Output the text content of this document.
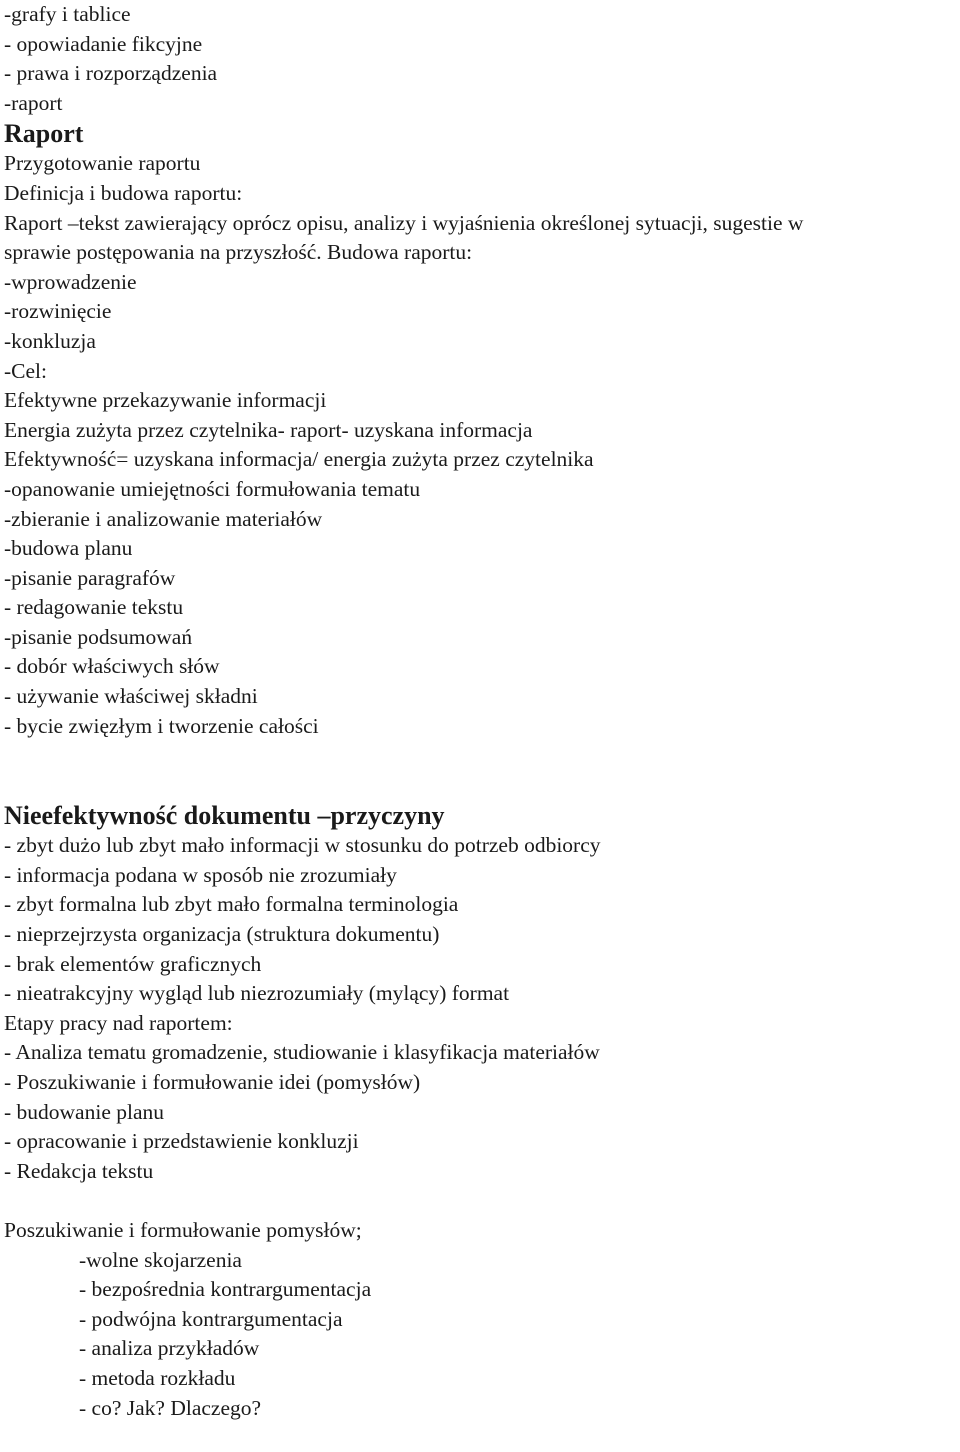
-grafy i tablice
- opowiadanie fikcyjne
- prawa i rozporządzenia
-raport
Raport
Przygotowanie raportu
Definicja i budowa raportu:
Raport –tekst zawierający oprócz opisu, analizy i wyjaśnienia określonej sytuacji, sugestie w
sprawie postępowania na przyszłość. Budowa raportu:
-wprowadzenie
-rozwinięcie
-konkluzja
-Cel:
Efektywne przekazywanie informacji
Energia zużyta przez czytelnika- raport- uzyskana informacja
Efektywność= uzyskana informacja/ energia zużyta przez czytelnika
-opanowanie umiejętności formułowania tematu
-zbieranie i analizowanie materiałów
-budowa planu
-pisanie paragrafów
- redagowanie tekstu
-pisanie podsumowań
- dobór właściwych słów
- używanie właściwej składni
- bycie zwięzłym i tworzenie całości
Nieefektywność dokumentu –przyczyny
- zbyt dużo lub zbyt mało informacji w stosunku do potrzeb odbiorcy
- informacja podana w sposób nie zrozumiały
- zbyt formalna lub zbyt mało formalna terminologia
- nieprzejrzysta organizacja (struktura dokumentu)
- brak elementów graficznych
- nieatrakcyjny wygląd lub niezrozumiały (mylący) format
Etapy pracy nad raportem:
- Analiza tematu gromadzenie, studiowanie i klasyfikacja materiałów
- Poszukiwanie i formułowanie idei (pomysłów)
- budowanie planu
- opracowanie i przedstawienie konkluzji
- Redakcja tekstu
Poszukiwanie i formułowanie pomysłów;
-wolne skojarzenia
- bezpośrednia kontrargumentacja
- podwójna kontrargumentacja
- analiza przykładów
- metoda rozkładu
- co? Jak? Dlaczego?
